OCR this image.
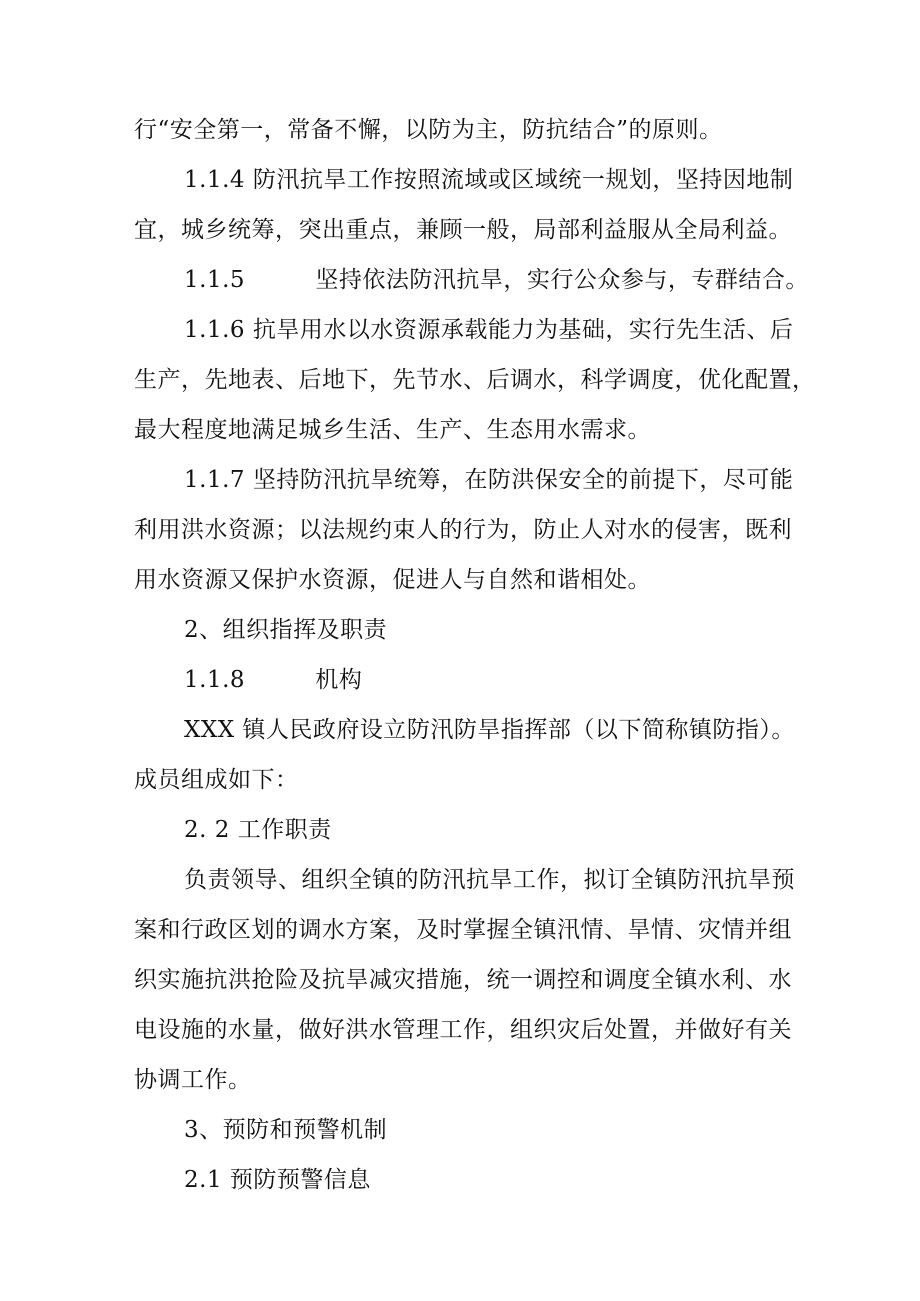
行“安全第一，常备不懈，以防为主，防抗结合”的原则。
1.1.4 防汛抗旱工作按照流域或区域统一规划，坚持因地制
宜，城乡统筹，突出重点，兼顾一般，局部利益服从全局利益。
1.1.5         坚持依法防汛抗旱，实行公众参与，专群结合。
1.1.6 抗旱用水以水资源承载能力为基础，实行先生活、后
生产，先地表、后地下，先节水、后调水，科学调度，优化配置，
最大程度地满足城乡生活、生产、生态用水需求。
1.1.7 坚持防汛抗旱统筹，在防洪保安全的前提下，尽可能
利用洪水资源；以法规约束人的行为，防止人对水的侵害，既利
用水资源又保护水资源，促进人与自然和谐相处。
2、组织指挥及职责
1.1.8         机构
XXX 镇人民政府设立防汛防旱指挥部（以下简称镇防指）。
成员组成如下：
2. 2 工作职责
负责领导、组织全镇的防汛抗旱工作，拟订全镇防汛抗旱预
案和行政区划的调水方案，及时掌握全镇汛情、旱情、灾情并组
织实施抗洪抢险及抗旱减灾措施，统一调控和调度全镇水利、水
电设施的水量，做好洪水管理工作，组织灾后处置，并做好有关
协调工作。
3、预防和预警机制
2.1 预防预警信息
